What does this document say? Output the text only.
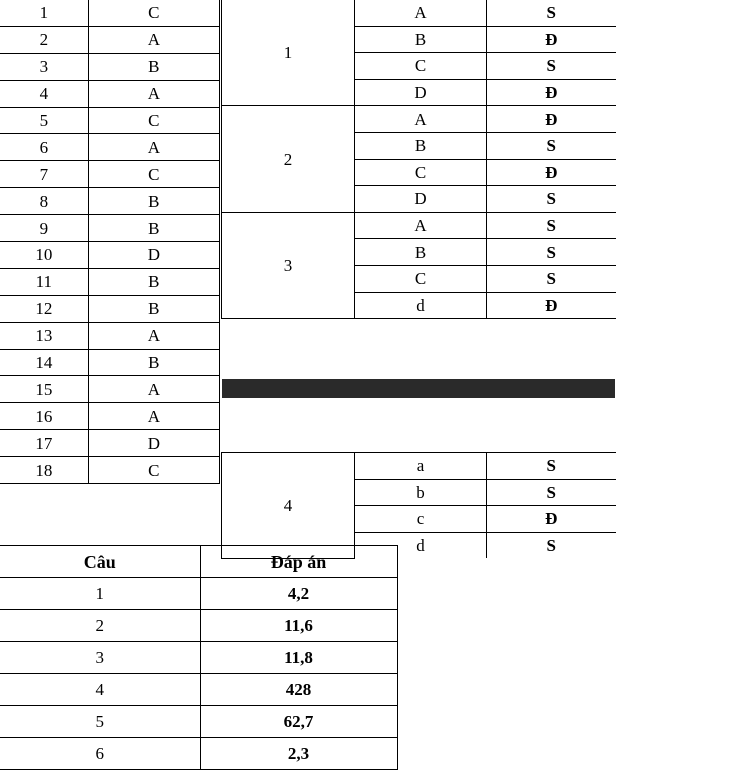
1	C
2	A
3	B
4	A
5	C
6	A
7	C
8	B
9	B
10	D
11	B
12	B
13	A
14	B
15	A
16	A
17	D
18	C
1	A	S
	B	Đ
	C	S
	D	Đ
2	A	Đ
	B	S
	C	Đ
	D	S
3	A	S
	B	S
	C	S
	d	Đ
4	a	S
	b	S
	c	Đ
	d	S
Câu	Đáp án
1	4,2
2	11,6
3	11,8
4	428
5	62,7
6	2,3
